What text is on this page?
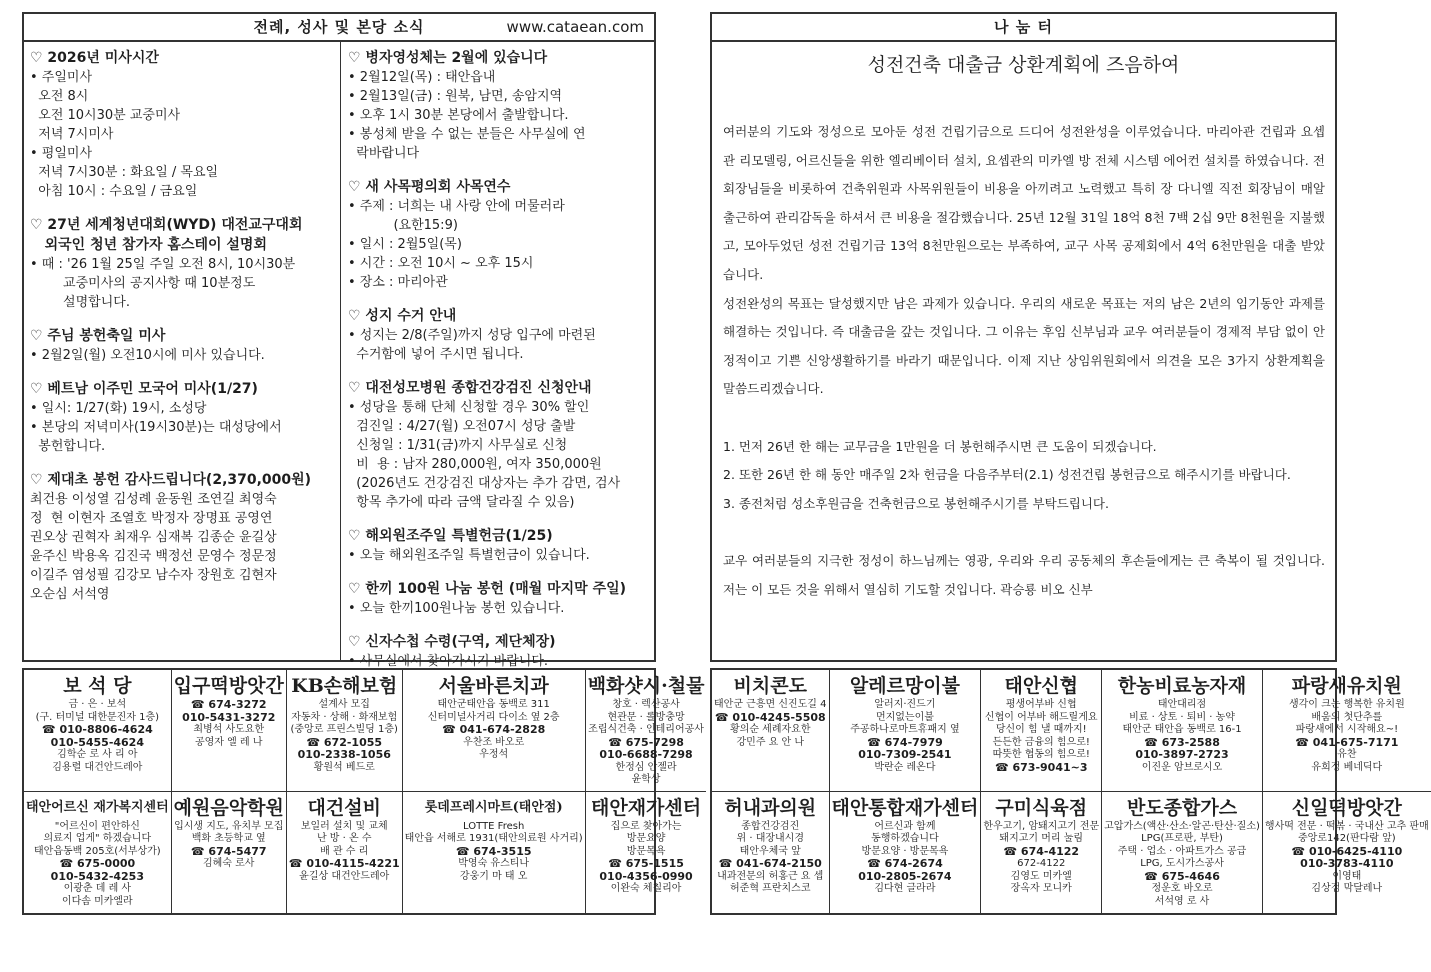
전례, 성사 및 본당 소식	www.cataean.com
♡ 2026년 미사시간

• 주일미사

오전 8시

오전 10시30분 교중미사

저녁 7시미사

• 평일미사

저녁 7시30분 : 화요일 / 목요일

아침 10시 : 수요일 / 금요일

♡ 27년 세계청년대회(WYD) 대전교구대회
외국인 청년 참가자 홈스테이 설명회

• 때 : '26 1월 25일 주일 오전 8시, 10시30분

교중미사의 공지사항 때 10분정도

설명합니다.

♡ 주님 봉헌축일 미사

• 2월2일(월) 오전10시에 미사 있습니다.

♡ 베트남 이주민 모국어 미사(1/27)

• 일시: 1/27(화) 19시, 소성당

• 본당의 저녁미사(19시30분)는 대성당에서

봉헌합니다.

♡ 제대초 봉헌 감사드립니다(2,370,000원)

최건용 이성열 김성례 윤동원 조연길 최영숙

정  현 이현자 조열호 박정자 장명표 공영연

권오상 권혁자 최재우 심재복 김종순 윤길상

윤주신 박용옥 김진국 백정선 문영수 정문정

이길주 염성필 김강모 남수자 장원호 김현자

오순심 서석영

♡ 병자영성체는 2월에 있습니다

• 2월12일(목) : 태안읍내

• 2월13일(금) : 원북, 남면, 송암지역

• 오후 1시 30분 본당에서 출발합니다.

• 봉성체 받을 수 없는 분들은 사무실에 연

락바랍니다

♡ 새 사목평의회 사목연수

• 주제 : 너희는 내 사랑 안에 머물러라

(요한15:9)

• 일시 : 2월5일(목)

• 시간 : 오전 10시 ~ 오후 15시

• 장소 : 마리아관

♡ 성지 수거 안내

• 성지는 2/8(주일)까지 성당 입구에 마련된

수거함에 넣어 주시면 됩니다.

♡ 대전성모병원 종합건강검진 신청안내

• 성당을 통해 단체 신청할 경우 30% 할인

검진일 : 4/27(월) 오전07시 성당 출발

신청일 : 1/31(금)까지 사무실로 신청

비  용 : 남자 280,000원, 여자 350,000원

(2026년도 건강검진 대상자는 추가 감면, 검사

항목 추가에 따라 금액 달라질 수 있음)

♡ 해외원조주일 특별헌금(1/25)

• 오늘 해외원조주일 특별헌금이 있습니다.

♡ 한끼 100원 나눔 봉헌 (매월 마지막 주일)

• 오늘 한끼100원나눔 봉헌 있습니다.

♡ 신자수첩 수령(구역, 제단체장)

• 사무실에서 찾아가시기 바랍니다.

나 눔 터
성전건축 대출금 상환계획에 즈음하여

여러분의 기도와 정성으로 모아둔 성전 건립기금으로 드디어 성전완성을 이루었습니다. 마리아관 건립과 요셉관 리모델링, 어르신들을 위한 엘리베이터 설치, 요셉관의 미카엘 방 전체 시스템 에어컨 설치를 하였습니다. 전 회장님들을 비롯하여 건축위원과 사목위원들이 비용을 아끼려고 노력했고 특히 장 다니엘 직전 회장님이 매알 출근하여 관리감독을 하셔서 큰 비용을 절감했습니다. 25년 12월 31일 18억 8천 7백 2십 9만 8천원을 지불했고, 모아두었던 성전 건립기금 13억 8천만원으로는 부족하여, 교구 사목 공제회에서 4억 6천만원을 대출 받았습니다.

성전완성의 목표는 달성했지만 남은 과제가 있습니다. 우리의 새로운 목표는 저의 남은 2년의 임기동안 과제를 해결하는 것입니다. 즉 대출금을 갚는 것입니다. 그 이유는 후임 신부님과 교우 여러분들이 경제적 부담 없이 안정적이고 기쁜 신앙생활하기를 바라기 때문입니다. 이제 지난 상임위원회에서 의견을 모은 3가지 상환계획을 말씀드리겠습니다.

1. 먼저 26년 한 해는 교무금을 1만원을 더 봉헌해주시면 큰 도움이 되겠습니다.

2. 또한 26년 한 해 동안 매주일 2차 헌금을 다음주부터(2.1) 성전건립 봉헌금으로 해주시기를 바랍니다.

3. 종전처럼 성소후원금을 건축헌금으로 봉헌해주시기를 부탁드립니다.

교우 여러분들의 지극한 정성이 하느님께는 영광, 우리와 우리 공동체의 후손들에게는 큰 축복이 될 것입니다. 저는 이 모든 것을 위해서 열심히 기도할 것입니다. 곽승룡 비오 신부

보 석 당
금 · 은 · 보석
(구. 터미널 대한문진자 1층)
☎ 010-8806-4624
010-5455-4624
김학순 로 사 리 아
김용렬 대건안드레아
입구떡방앗간
☎ 674-3272
010-5431-3272
최병석 사도요한
공영자 엘 레 나
KB손해보험
설계사 모집
자동차 · 상해 · 화재보험
(중앙로 프린스빌딩 1층)
☎ 672-1055
010-2338-1056
황원석 베드로
서울바른치과
태안군태안읍 동백로 311
신터미널사거리 다이소 옆 2층
☎ 041-674-2828
우찬조 바오로
우정석
백화샷시·철물
창호 · 렉산공사
현관문 · 롤방충망
조립식건축 · 인테리어공사
☎ 675-7298
010-6688-7298
한정심 안젤라
윤학상
태안어르신 재가복지센터
"어르신이 편안하신
의료지 업게" 하겠습니다
태안읍동백 205호(서부상가)
☎ 675-0000
010-5432-4253
이광춘 데 레 사
이다솜 미카엘라
예원음악학원
입시생 지도, 유치부 모집
백화 초등학교 옆
☎ 674-5477
김혜숙 로사
대건설비
보일러 설치 및 교체
난 방 · 온 수
배 관 수 리
☎ 010-4115-4221
윤길상 대건안드레아
롯데프레시마트(태안점)
LOTTE Fresh
태안읍 서해로 1931(태안의료원 사거리)
☎ 674-3515
박영숙 유스티나
강웅기 마 태 오
태안재가센터
집으로 찾아가는
방문요양
방문목욕
☎ 675-1515
010-4356-0990
이완숙 체칠리아
비치콘도
태안군 근흥면 신진도길 4
☎ 010-4245-5508
황의순 세례자요한
강민주 요 안 나
알레르망이불
알러지·진드기
먼지없는이불
주공하나로마트휴패지 옆
☎ 674-7979
010-7309-2541
박란순 레온다
태안신협
평생어부바 신협
신협이 어부바 해드릴게요
당신이 힘 낼 때까지!
든든한 금융의 힘으로!
따뜻한 협동의 힘으로!
☎ 673-9041~3
한농비료농자재
태안대리점
비료 · 상토 · 퇴비 · 농약
태안군 태안읍 동백로 16-1
☎ 673-2588
010-3897-2723
이진운 암브로시오
파랑새유치원
생각이 크는 행복한 유치원
배움의 첫단추를
파랑새에서 시작해요~!
☎ 041-675-7171
유찬
유희정 베네딕다
허내과의원
종합건강검진
위 · 대장내시경
태안우체국 앞
☎ 041-674-2150
내과전문의 허홍근 요 셉
허준혁 프란치스코
태안통합재가센터
어르신과 함께
동행하겠습니다
방문요양 · 방문목욕
☎ 674-2674
010-2805-2674
김다현 글라라
구미식육점
한우고기, 암돼지고기 전문
돼지고기 머리 눌림
☎ 674-4122
672-4122
김영도 미카엘
장옥자 모니카
반도종합가스
고압가스(액산·산소·알곤·탄산·질소)
LPG(프로판, 부탄)
주택 · 업소 · 아파트가스 공급
LPG, 도시가스공사
☎ 675-4646
정운호 바오로
서석영 로 사
신일떡방앗간
행사떡 전문 · 떡볶 · 국내산 고추 판매
중앙로142(판다람 앞)
☎ 010-6425-4110
010-3783-4110
이영태
김상점 막달레나
